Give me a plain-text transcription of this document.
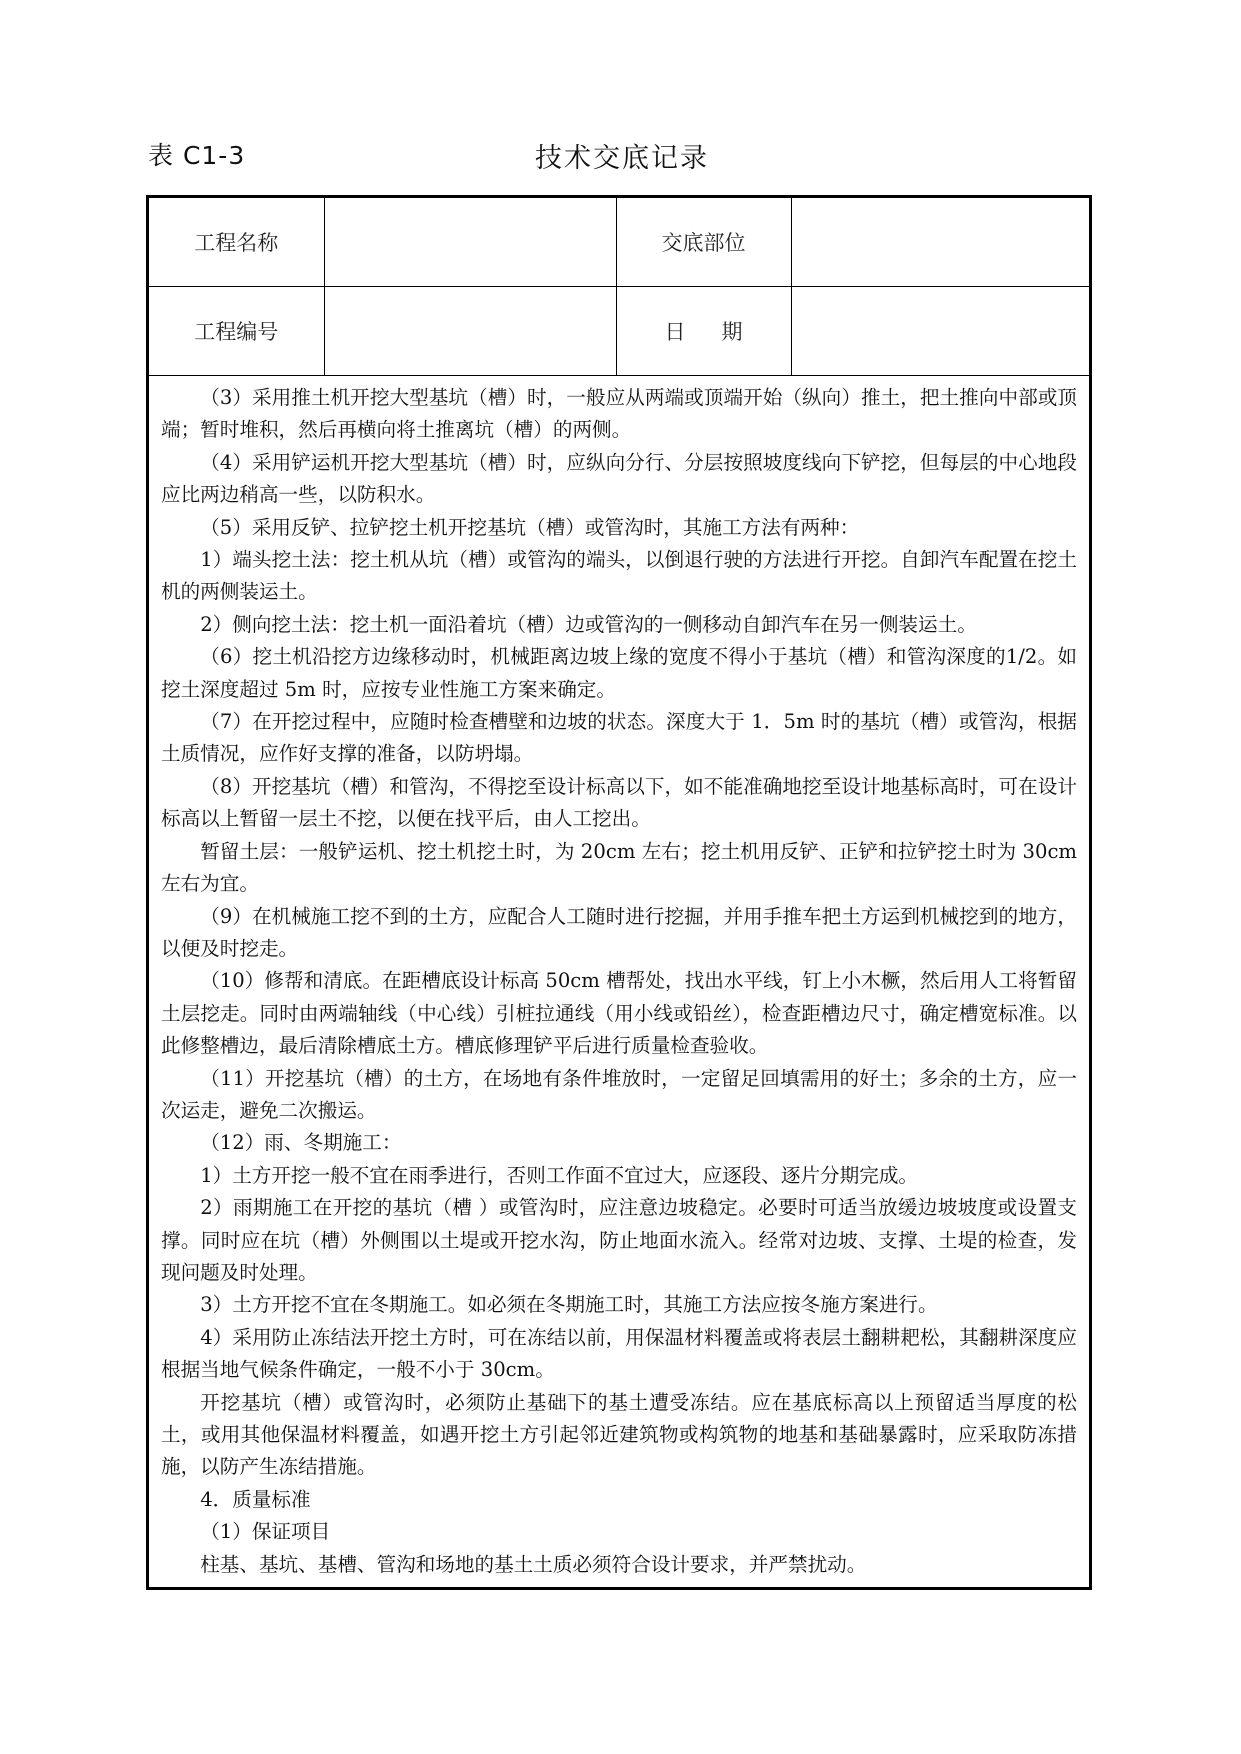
表 C1-3	技术交底记录
工程名称		交底部位	
工程编号		日期	

（3）采用推土机开挖大型基坑（槽）时，一般应从两端或顶端开始（纵向）推土，把土推向中部或顶端；暂时堆积，然后再横向将土推离坑（槽）的两侧。

（4）采用铲运机开挖大型基坑（槽）时，应纵向分行、分层按照坡度线向下铲挖，但每层的中心地段应比两边稍高一些，以防积水。

（5）采用反铲、拉铲挖土机开挖基坑（槽）或管沟时，其施工方法有两种：

1）端头挖土法：挖土机从坑（槽）或管沟的端头，以倒退行驶的方法进行开挖。自卸汽车配置在挖土机的两侧装运土。

2）侧向挖土法：挖土机一面沿着坑（槽）边或管沟的一侧移动自卸汽车在另一侧装运土。

（6）挖土机沿挖方边缘移动时，机械距离边坡上缘的宽度不得小于基坑（槽）和管沟深度的1/2。如挖土深度超过 5m 时，应按专业性施工方案来确定。

（7）在开挖过程中，应随时检查槽壁和边坡的状态。深度大于 1．5m 时的基坑（槽）或管沟，根据土质情况，应作好支撑的准备，以防坍塌。

（8）开挖基坑（槽）和管沟，不得挖至设计标高以下，如不能准确地挖至设计地基标高时，可在设计标高以上暂留一层土不挖，以便在找平后，由人工挖出。

暂留土层：一般铲运机、挖土机挖土时，为 20cm 左右；挖土机用反铲、正铲和拉铲挖土时为 30cm 左右为宜。

（9）在机械施工挖不到的土方，应配合人工随时进行挖掘，并用手推车把土方运到机械挖到的地方，以便及时挖走。

（10）修帮和清底。在距槽底设计标高 50cm 槽帮处，找出水平线，钉上小木橛，然后用人工将暂留土层挖走。同时由两端轴线（中心线）引桩拉通线（用小线或铅丝），检查距槽边尺寸，确定槽宽标准。以此修整槽边，最后清除槽底土方。槽底修理铲平后进行质量检查验收。

（11）开挖基坑（槽）的土方，在场地有条件堆放时，一定留足回填需用的好土；多余的土方，应一次运走，避免二次搬运。

（12）雨、冬期施工：

1）土方开挖一般不宜在雨季进行，否则工作面不宜过大，应逐段、逐片分期完成。

2）雨期施工在开挖的基坑（槽 ）或管沟时，应注意边坡稳定。必要时可适当放缓边坡坡度或设置支撑。同时应在坑（槽）外侧围以土堤或开挖水沟，防止地面水流入。经常对边坡、支撑、土堤的检查，发现问题及时处理。

3）土方开挖不宜在冬期施工。如必须在冬期施工时，其施工方法应按冬施方案进行。

4）采用防止冻结法开挖土方时，可在冻结以前，用保温材料覆盖或将表层土翻耕耙松，其翻耕深度应根据当地气候条件确定，一般不小于 30cm。

开挖基坑（槽）或管沟时，必须防止基础下的基土遭受冻结。应在基底标高以上预留适当厚度的松土，或用其他保温材料覆盖，如遇开挖土方引起邻近建筑物或构筑物的地基和基础暴露时，应采取防冻措施，以防产生冻结措施。

4．质量标准

（1）保证项目

柱基、基坑、基槽、管沟和场地的基土土质必须符合设计要求，并严禁扰动。
